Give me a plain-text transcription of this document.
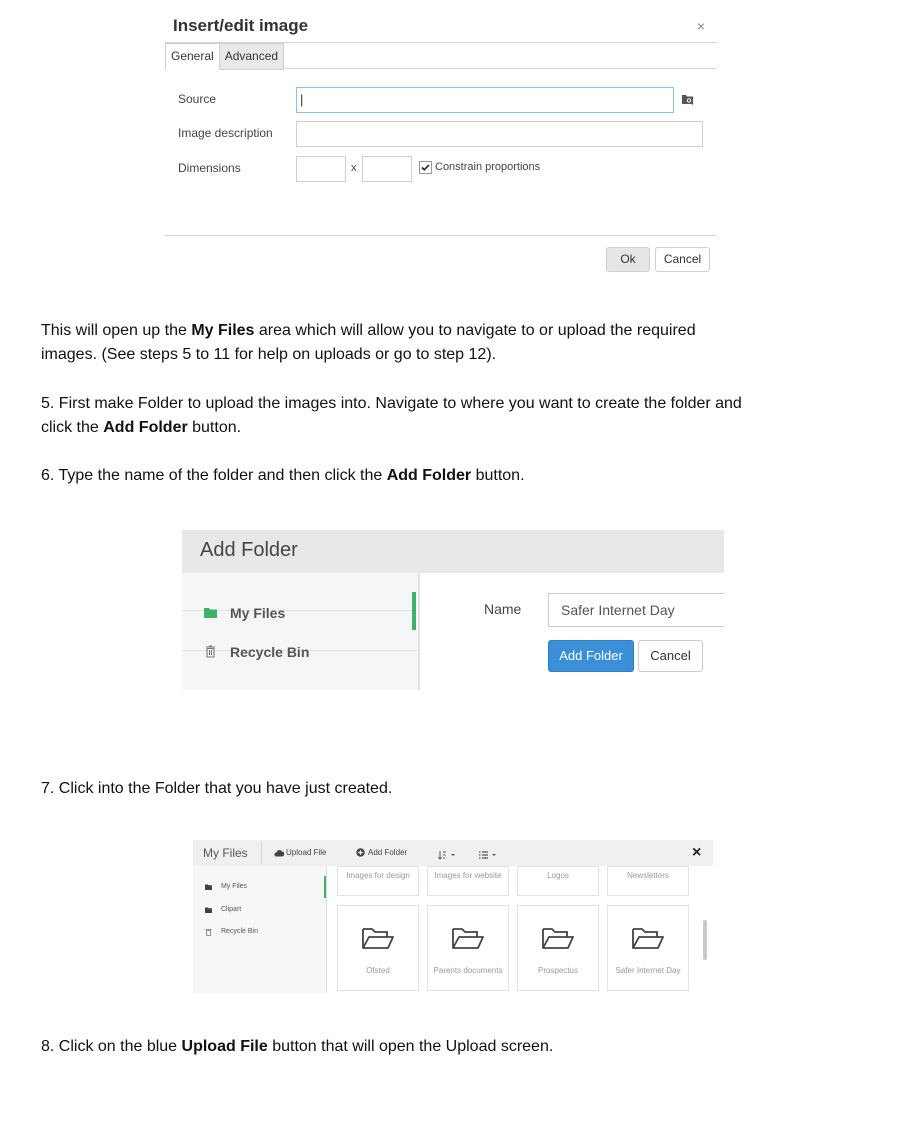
Insert/edit image	×
General Advanced
Source	|
Image description
Dimensions	x	Constrain proportions
Ok	Cancel
This will open up the My Files area which will allow you to navigate to or upload the required
images. (See steps 5 to 11 for help on uploads or go to step 12).
5. First make Folder to upload the images into. Navigate to where you want to create the folder and
click the Add Folder button.
6. Type the name of the folder and then click the Add Folder button.
Add Folder
My Files
Recycle Bin
Name	Safer Internet Day
Add Folder	Cancel
7. Click into the Folder that you have just created.
My Files	Upload File	Add Folder	×
My Files
Clipart
Recycle Bin
Images for design	Images for website	Logos	Newsletters
Ofsted	Parents documents	Prospectus	Safer Internet Day
8. Click on the blue Upload File button that will open the Upload screen.
